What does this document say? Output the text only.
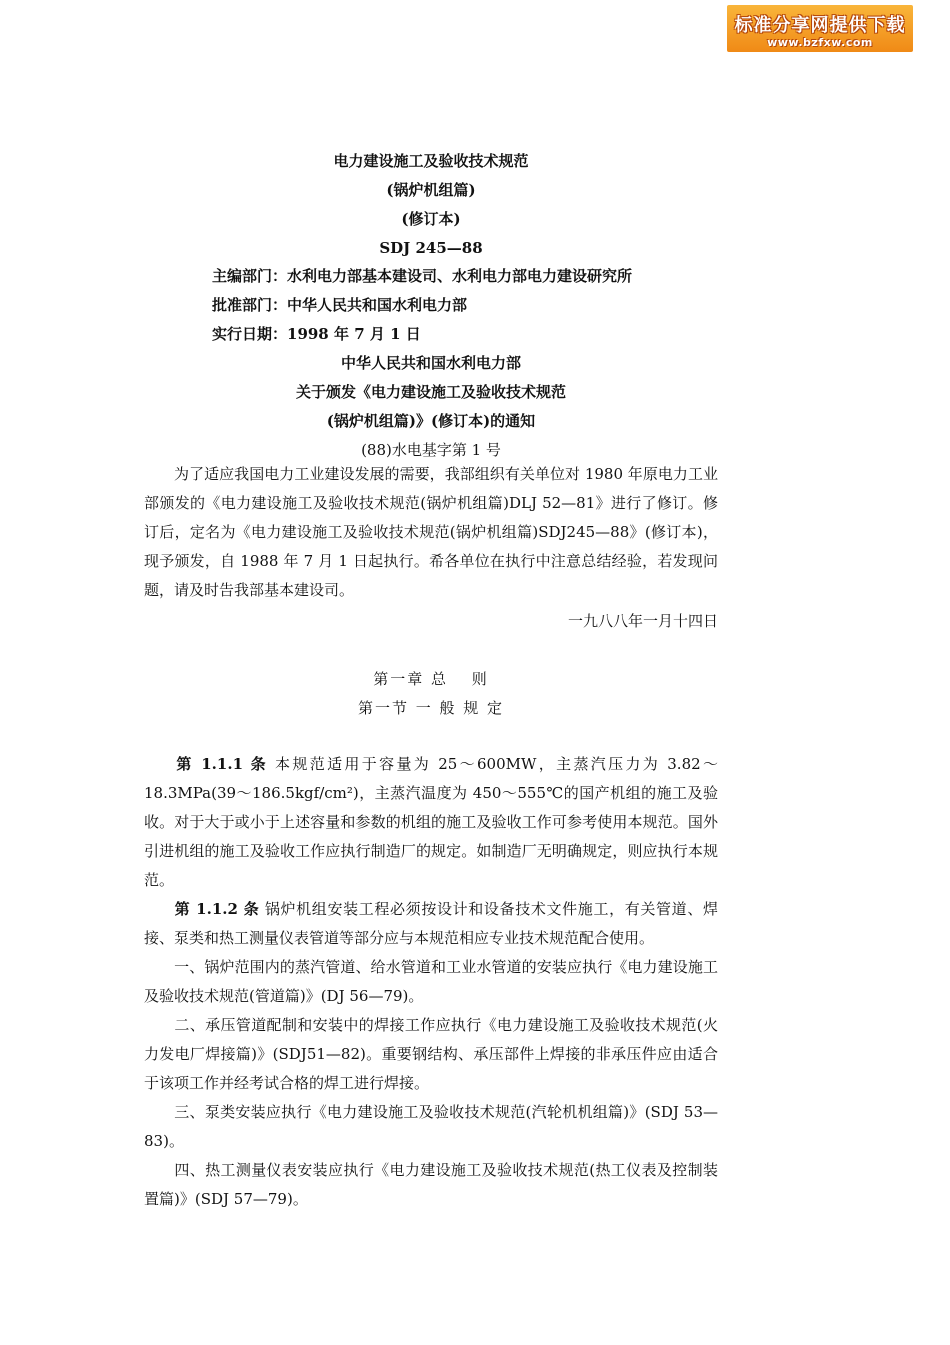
标准分享网提供下载
www.bzfxw.com
电力建设施工及验收技术规范
(锅炉机组篇)
(修订本)
SDJ 245—88
主编部门：水利电力部基本建设司、水利电力部电力建设研究所
批准部门：中华人民共和国水利电力部
实行日期：1998 年 7 月 1 日
中华人民共和国水利电力部
关于颁发《电力建设施工及验收技术规范
(锅炉机组篇)》(修订本)的通知
(88)水电基字第 1 号
为了适应我国电力工业建设发展的需要，我部组织有关单位对 1980 年原电力工业部颁发的《电力建设施工及验收技术规范(锅炉机组篇)DLJ 52—81》进行了修订。修订后，定名为《电力建设施工及验收技术规范(锅炉机组篇)SDJ245—88》(修订本)，现予颁发，自 1988 年 7 月 1 日起执行。希各单位在执行中注意总结经验，若发现问题，请及时告我部基本建设司。
一九八八年一月十四日
第一章 总　 则
第一节 一 般 规 定
第 1.1.1 条 本规范适用于容量为 25～600MW，主蒸汽压力为 3.82～18.3MPa(39～186.5kgf/cm²)，主蒸汽温度为 450～555℃的国产机组的施工及验收。对于大于或小于上述容量和参数的机组的施工及验收工作可参考使用本规范。国外引进机组的施工及验收工作应执行制造厂的规定。如制造厂无明确规定，则应执行本规范。
第 1.1.2 条 锅炉机组安装工程必须按设计和设备技术文件施工，有关管道、焊接、泵类和热工测量仪表管道等部分应与本规范相应专业技术规范配合使用。
一、锅炉范围内的蒸汽管道、给水管道和工业水管道的安装应执行《电力建设施工及验收技术规范(管道篇)》(DJ 56—79)。
二、承压管道配制和安装中的焊接工作应执行《电力建设施工及验收技术规范(火力发电厂焊接篇)》(SDJ51—82)。重要钢结构、承压部件上焊接的非承压件应由适合于该项工作并经考试合格的焊工进行焊接。
三、泵类安装应执行《电力建设施工及验收技术规范(汽轮机机组篇)》(SDJ 53—83)。
四、热工测量仪表安装应执行《电力建设施工及验收技术规范(热工仪表及控制装置篇)》(SDJ 57—79)。
